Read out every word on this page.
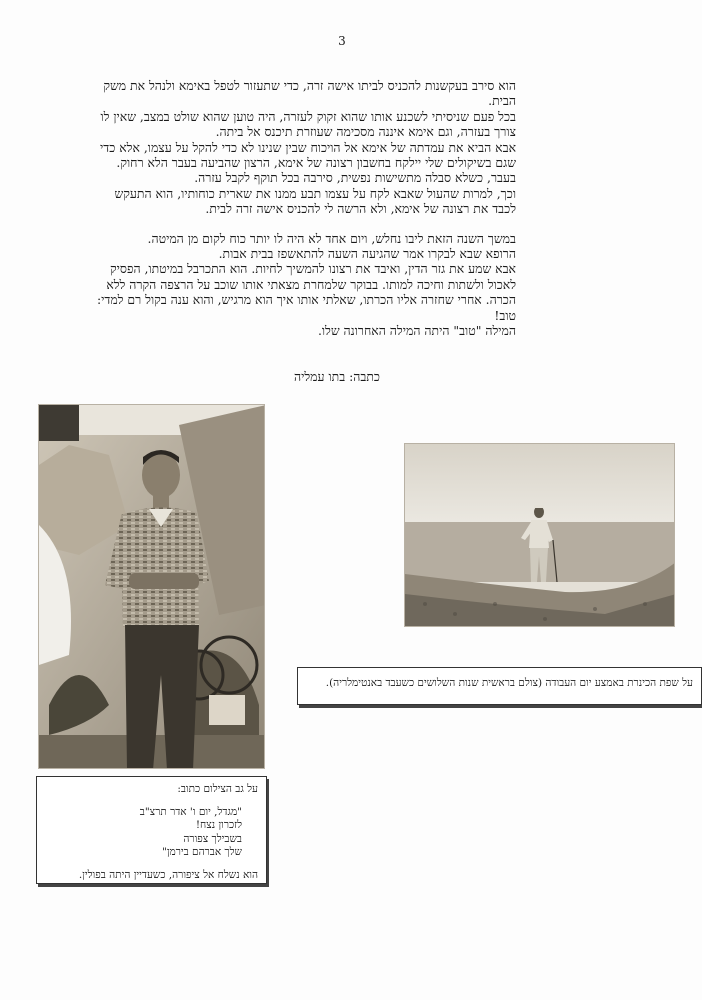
3

הוא סירב בעקשנות להכניס לביתו אישה זרה, כדי שתעזור לטפל באימא ולנהל את משק הבית.

בכל פעם שניסיתי לשכנע אותו שהוא זקוק לעזרה, היה טוען שהוא שולט במצב, שאין לו צורך בעזרה, וגם אימא איננה מסכימה שעוזרת תיכנס אל ביתה.

אבא הביא את עמדתה של אימא אל הויכוח שבין שנינו לא כדי להקל על עצמו, אלא כדי שגם בשיקולים שלי יילקח בחשבון רצונה של אימא, הרצון שהביעה בעבר הלא רחוק. בעבר, כשלא סבלה מתשישות נפשית, סירבה בכל תוקף לקבל עזרה.

וכך, למרות שהעול שאבא לקח על עצמו תבע ממנו את שארית כוחותיו, הוא התעקש לכבד את רצונה של אימא, ולא הרשה לי להכניס אישה זרה לבית.

במשך השנה הזאת ליבו נחלש, ויום אחד לא היה לו יותר כוח לקום מן המיטה.

הרופא שבא לבקרו אמר שהגיעה השעה להתאשפז בבית אבות.

אבא שמע את גזר הדין, ואיבד את רצונו להמשיך לחיות. הוא התכרבל במיטתו, הפסיק לאכול ולשתות וחיכה למותו. בבוקר שלמחרת מצאתי אותו שוכב על הרצפה הקרה ללא הכרה. אחרי שחזרה אליו הכרתו, שאלתי אותו איך הוא מרגיש, והוא ענה בקול רם למדי: טוב!

המילה "טוב" היתה המילה האחרונה שלו.

כתבה: בתו עמליה
על שפת הכינרת באמצע יום העבודה (צולם בראשית שנות השלושים כשעבד באנטימלריה).

על גב הצילום כתוב:

"מגדל, יום ו' אדר תרצ"ב

לזכרון נצח!

בשבילך צפורה

שלך אברהם בירמן"

הוא נשלח אל ציפורה, כשעדיין היתה בפולין.
